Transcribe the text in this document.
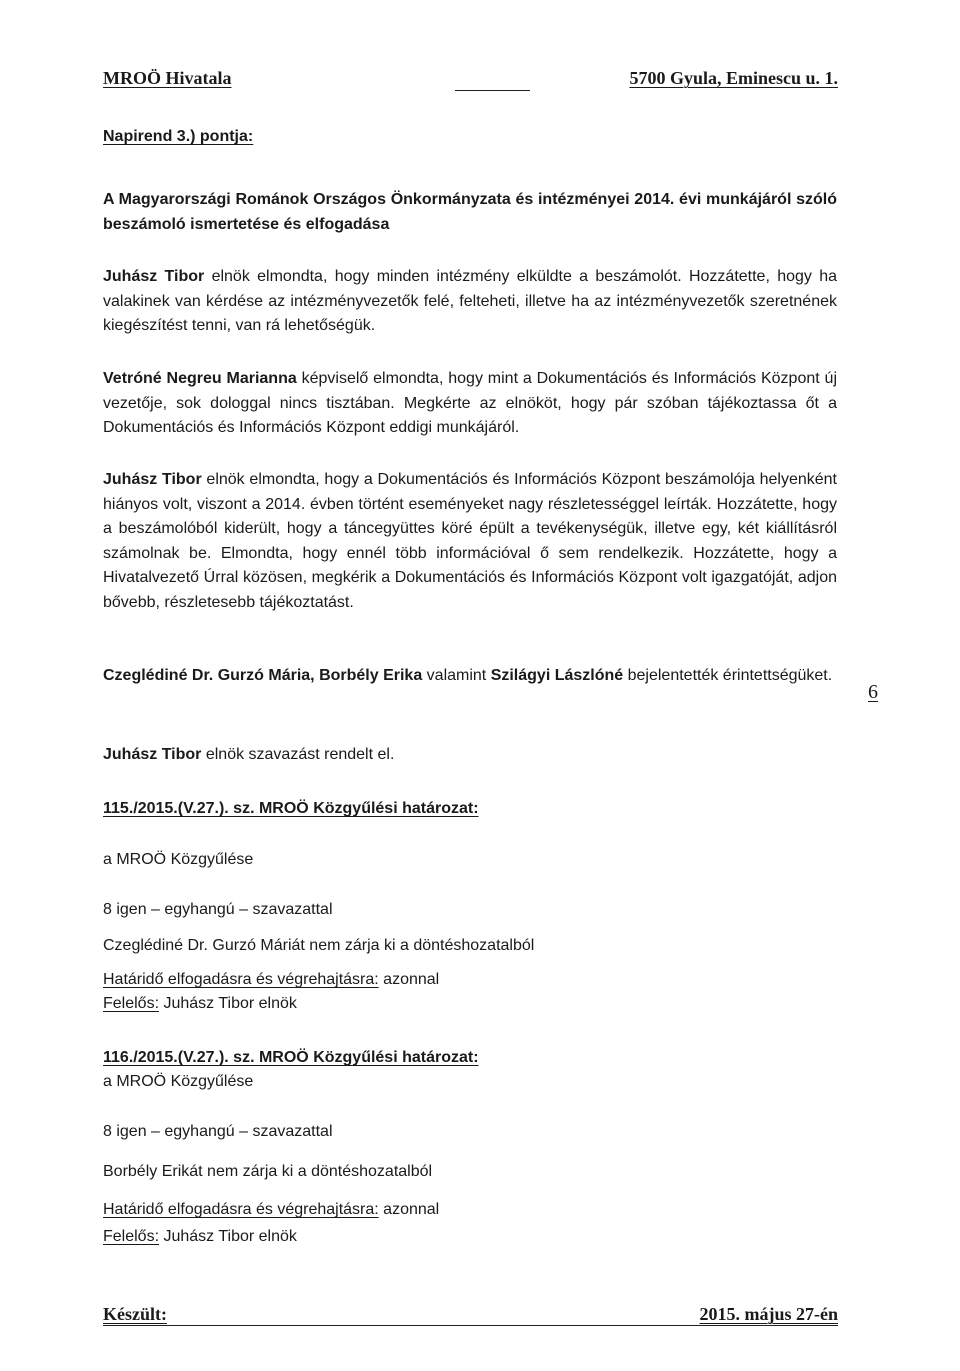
MROÖ Hivatala	5700 Gyula, Eminescu u. 1.
Napirend 3.) pontja:
A Magyarországi Románok Országos Önkormányzata és intézményei 2014. évi munkájáról szóló beszámoló ismertetése és elfogadása
Juhász Tibor elnök elmondta, hogy minden intézmény elküldte a beszámolót. Hozzátette, hogy ha valakinek van kérdése az intézményvezetők felé, felteheti, illetve ha az intézményvezetők szeretnének kiegészítést tenni, van rá lehetőségük.
Vetróné Negreu Marianna képviselő elmondta, hogy mint a Dokumentációs és Információs Központ új vezetője, sok dologgal nincs tisztában. Megkérte az elnököt, hogy pár szóban tájékoztassa őt a Dokumentációs és Információs Központ eddigi munkájáról.
Juhász Tibor elnök elmondta, hogy a Dokumentációs és Információs Központ beszámolója helyenként hiányos volt, viszont a 2014. évben történt eseményeket nagy részletességgel leírták. Hozzátette, hogy a beszámolóból kiderült, hogy a táncegyüttes köré épült a tevékenységük, illetve egy, két kiállításról számolnak be. Elmondta, hogy ennél több információval ő sem rendelkezik. Hozzátette, hogy a Hivatalvezető Úrral közösen, megkérik a Dokumentációs és Információs Központ volt igazgatóját, adjon bővebb, részletesebb tájékoztatást.
Czeglédiné Dr. Gurzó Mária, Borbély Erika valamint Szilágyi Lászlóné bejelentették érintettségüket.
6
Juhász Tibor elnök szavazást rendelt el.
115./2015.(V.27.). sz. MROÖ Közgyűlési határozat:
a MROÖ Közgyűlése
8 igen – egyhangú – szavazattal
Czeglédiné Dr. Gurzó Máriát nem zárja ki a döntéshozatalból
Határidő elfogadásra és végrehajtásra: azonnal
Felelős: Juhász Tibor elnök
116./2015.(V.27.). sz. MROÖ Közgyűlési határozat:
a MROÖ Közgyűlése
8 igen – egyhangú – szavazattal
Borbély Erikát nem zárja ki a döntéshozatalból
Határidő elfogadásra és végrehajtásra: azonnal
Felelős: Juhász Tibor elnök
Készült:	2015. május 27-én
